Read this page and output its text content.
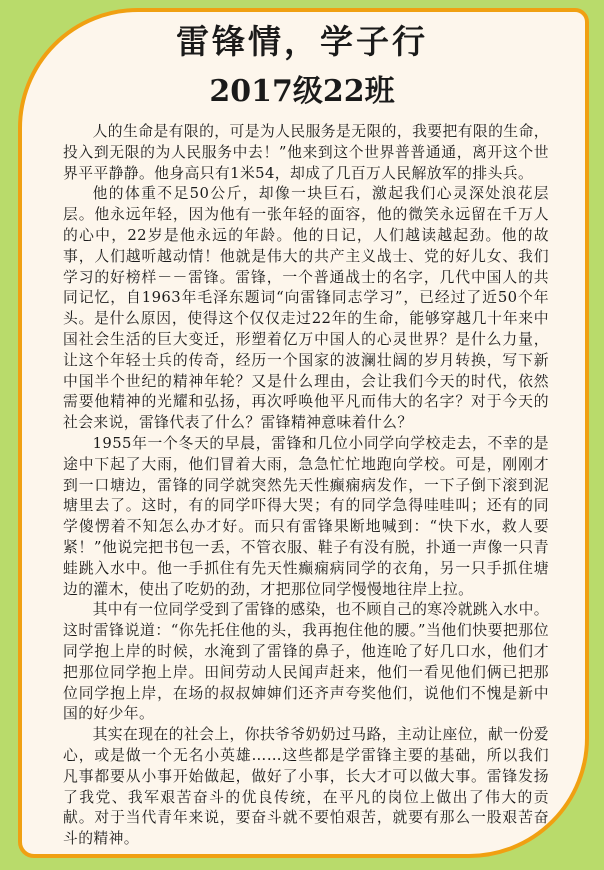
雷锋情，学子行
2017级22班

人的生命是有限的，可是为人民服务是无限的，我要把有限的生命，投入到无限的为人民服务中去！”他来到这个世界普普通通，离开这个世界平平静静。他身高只有1米54，却成了几百万人民解放军的排头兵。

他的体重不足50公斤，却像一块巨石，激起我们心灵深处浪花层层。他永远年轻，因为他有一张年轻的面容，他的微笑永远留在千万人的心中，22岁是他永远的年龄。他的日记，人们越读越起劲。他的故事，人们越听越动情！他就是伟大的共产主义战士、党的好儿女、我们学习的好榜样－－雷锋。雷锋，一个普通战士的名字，几代中国人的共同记忆，自1963年毛泽东题词“向雷锋同志学习”，已经过了近50个年头。是什么原因，使得这个仅仅走过22年的生命，能够穿越几十年来中国社会生活的巨大变迁，形塑着亿万中国人的心灵世界？是什么力量，让这个年轻士兵的传奇，经历一个国家的波澜壮阔的岁月转换，写下新中国半个世纪的精神年轮？又是什么理由，会让我们今天的时代，依然需要他精神的光耀和弘扬，再次呼唤他平凡而伟大的名字？对于今天的社会来说，雷锋代表了什么？雷锋精神意味着什么？

1955年一个冬天的早晨，雷锋和几位小同学向学校走去，不幸的是途中下起了大雨，他们冒着大雨，急急忙忙地跑向学校。可是，刚刚才到一口塘边，雷锋的同学就突然先天性癫痫病发作，一下子倒下滚到泥塘里去了。这时，有的同学吓得大哭；有的同学急得哇哇叫；还有的同学傻愣着不知怎么办才好。而只有雷锋果断地喊到：“快下水，救人要紧！”他说完把书包一丢，不管衣服、鞋子有没有脱，扑通一声像一只青蛙跳入水中。他一手抓住有先天性癫痫病同学的衣角，另一只手抓住塘边的灌木，使出了吃奶的劲，才把那位同学慢慢地往岸上拉。

其中有一位同学受到了雷锋的感染，也不顾自己的寒冷就跳入水中。这时雷锋说道：“你先托住他的头，我再抱住他的腰。”当他们快要把那位同学抱上岸的时候，水淹到了雷锋的鼻子，他连呛了好几口水，他们才把那位同学抱上岸。田间劳动人民闻声赶来，他们一看见他们俩已把那位同学抱上岸，在场的叔叔婶婶们还齐声夸奖他们，说他们不愧是新中国的好少年。

其实在现在的社会上，你扶爷爷奶奶过马路，主动让座位，献一份爱心，或是做一个无名小英雄……这些都是学雷锋主要的基础，所以我们凡事都要从小事开始做起，做好了小事，长大才可以做大事。雷锋发扬了我党、我军艰苦奋斗的优良传统，在平凡的岗位上做出了伟大的贡献。对于当代青年来说，要奋斗就不要怕艰苦，就要有那么一股艰苦奋斗的精神。
